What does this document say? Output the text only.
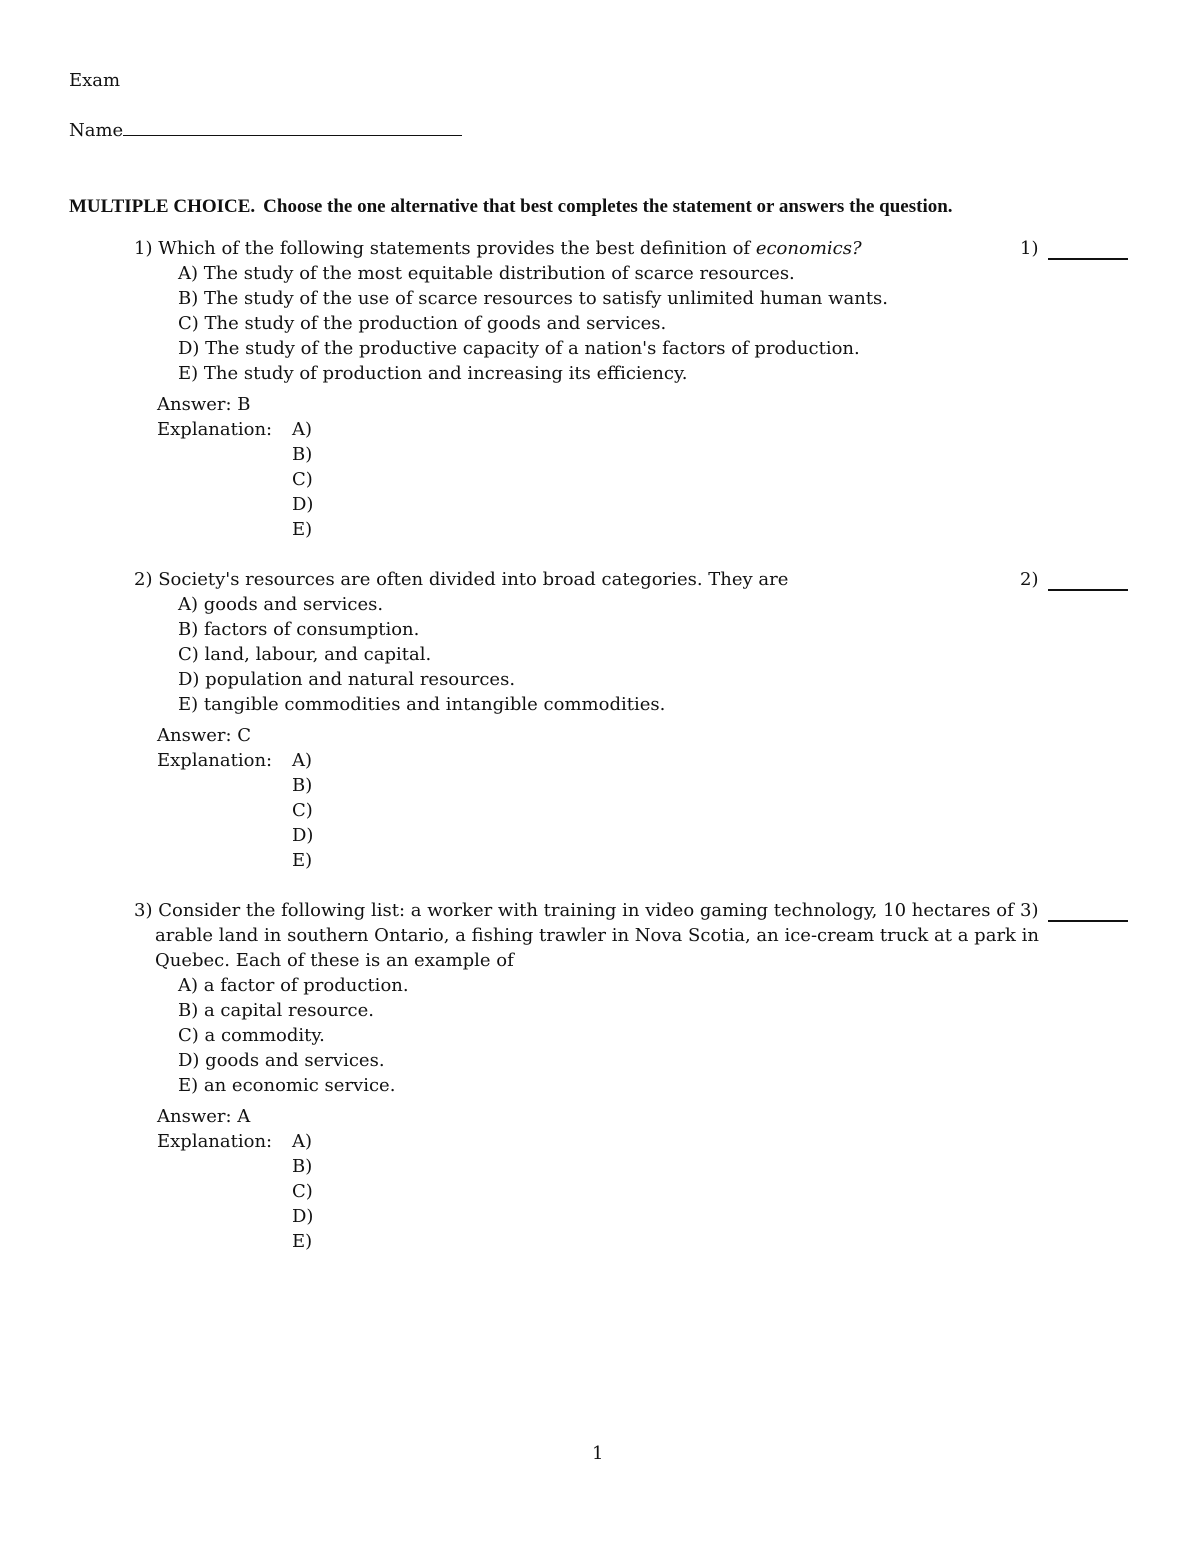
Exam
Name
MULTIPLE CHOICE. Choose the one alternative that best completes the statement or answers the question.
1) Which of the following statements provides the best definition of economics?
A) The study of the most equitable distribution of scarce resources.
B) The study of the use of scarce resources to satisfy unlimited human wants.
C) The study of the production of goods and services.
D) The study of the productive capacity of a nation's factors of production.
E) The study of production and increasing its efficiency.
Answer: B
Explanation: A)
B)
C)
D)
E)
1)
2) Society's resources are often divided into broad categories. They are
A) goods and services.
B) factors of consumption.
C) land, labour, and capital.
D) population and natural resources.
E) tangible commodities and intangible commodities.
Answer: C
Explanation: A)
B)
C)
D)
E)
2)
3) Consider the following list: a worker with training in video gaming technology, 10 hectares of
arable land in southern Ontario, a fishing trawler in Nova Scotia, an ice-cream truck at a park in
Quebec. Each of these is an example of
A) a factor of production.
B) a capital resource.
C) a commodity.
D) goods and services.
E) an economic service.
Answer: A
Explanation: A)
B)
C)
D)
E)
3)
1
